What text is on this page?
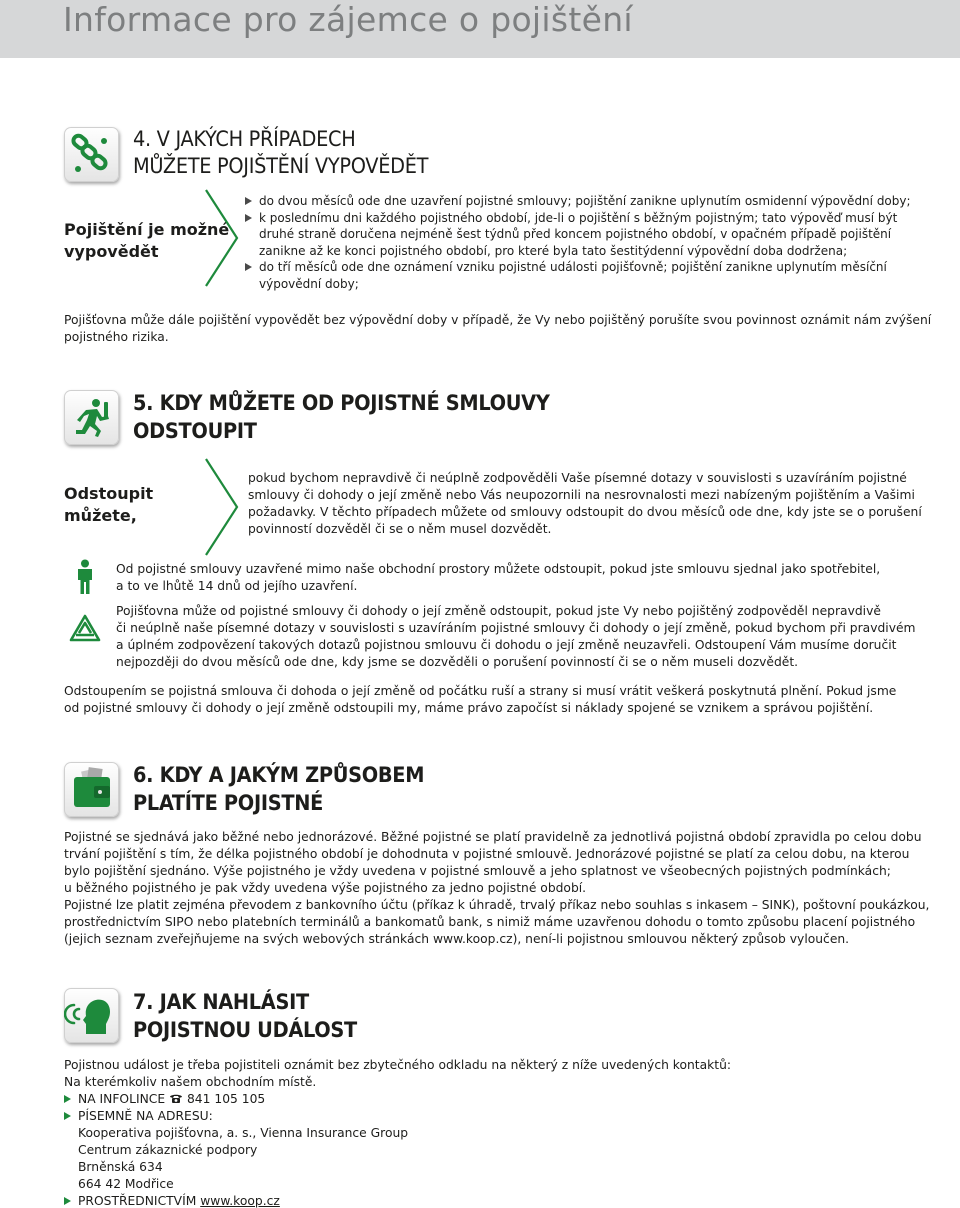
Informace pro zájemce o pojištění
4. V JAKÝCH PŘÍPADECH
MŮŽETE POJIŠTĚNÍ VYPOVĚDĚT
Pojištění je možné
vypovědět

do dvou měsíců ode dne uzavření pojistné smlouvy; pojištění zanikne uplynutím osmidenní výpovědní doby;

k poslednímu dni každého pojistného období, jde-li o pojištění s běžným pojistným; tato výpověď musí být

druhé straně doručena nejméně šest týdnů před koncem pojistného období, v opačném případě pojištění

zanikne až ke konci pojistného období, pro které byla tato šestitýdenní výpovědní doba dodržena;

do tří měsíců ode dne oznámení vzniku pojistné události pojišťovně; pojištění zanikne uplynutím měsíční

výpovědní doby;

Pojišťovna může dále pojištění vypovědět bez výpovědní doby v případě, že Vy nebo pojištěný porušíte svou povinnost oznámit nám zvýšení

pojistného rizika.

5. KDY MŮŽETE OD POJISTNÉ SMLOUVY
ODSTOUPIT
Odstoupit
můžete,

pokud bychom nepravdivě či neúplně zodpověděli Vaše písemné dotazy v souvislosti s uzavíráním pojistné

smlouvy či dohody o její změně nebo Vás neupozornili na nesrovnalosti mezi nabízeným pojištěním a Vašimi

požadavky. V těchto případech můžete od smlouvy odstoupit do dvou měsíců ode dne, kdy jste se o porušení

povinností dozvěděl či se o něm musel dozvědět.

Od pojistné smlouvy uzavřené mimo naše obchodní prostory můžete odstoupit, pokud jste smlouvu sjednal jako spotřebitel,

a to ve lhůtě 14 dnů od jejího uzavření.

Pojišťovna může od pojistné smlouvy či dohody o její změně odstoupit, pokud jste Vy nebo pojištěný zodpověděl nepravdivě

či neúplně naše písemné dotazy v souvislosti s uzavíráním pojistné smlouvy či dohody o její změně, pokud bychom při pravdivém

a úplném zodpovězení takových dotazů pojistnou smlouvu či dohodu o její změně neuzavřeli. Odstoupení Vám musíme doručit

nejpozději do dvou měsíců ode dne, kdy jsme se dozvěděli o porušení povinností či se o něm museli dozvědět.

Odstoupením se pojistná smlouva či dohoda o její změně od počátku ruší a strany si musí vrátit veškerá poskytnutá plnění. Pokud jsme

od pojistné smlouvy či dohody o její změně odstoupili my, máme právo započíst si náklady spojené se vznikem a správou pojištění.

6. KDY A JAKÝM ZPŮSOBEM
PLATÍTE POJISTNÉ

Pojistné se sjednává jako běžné nebo jednorázové. Běžné pojistné se platí pravidelně za jednotlivá pojistná období zpravidla po celou dobu

trvání pojištění s tím, že délka pojistného období je dohodnuta v pojistné smlouvě. Jednorázové pojistné se platí za celou dobu, na kterou

bylo pojištění sjednáno. Výše pojistného je vždy uvedena v pojistné smlouvě a jeho splatnost ve všeobecných pojistných podmínkách;

u běžného pojistného je pak vždy uvedena výše pojistného za jedno pojistné období.

Pojistné lze platit zejména převodem z bankovního účtu (příkaz k úhradě, trvalý příkaz nebo souhlas s inkasem – SINK), poštovní poukázkou,

prostřednictvím SIPO nebo platebních terminálů a bankomatů bank, s nimiž máme uzavřenou dohodu o tomto způsobu placení pojistného

(jejich seznam zveřejňujeme na svých webových stránkách www.koop.cz), není-li pojistnou smlouvou některý způsob vyloučen.

7. JAK NAHLÁSIT
POJISTNOU UDÁLOST

Pojistnou událost je třeba pojistiteli oznámit bez zbytečného odkladu na některý z níže uvedených kontaktů:

Na kterémkoliv našem obchodním místě.

NA INFOLINCE 841 105 105

PÍSEMNĚ NA ADRESU:

Kooperativa pojišťovna, a. s., Vienna Insurance Group

Centrum zákaznické podpory

Brněnská 634

664 42 Modřice

PROSTŘEDNICTVÍM www.koop.cz
